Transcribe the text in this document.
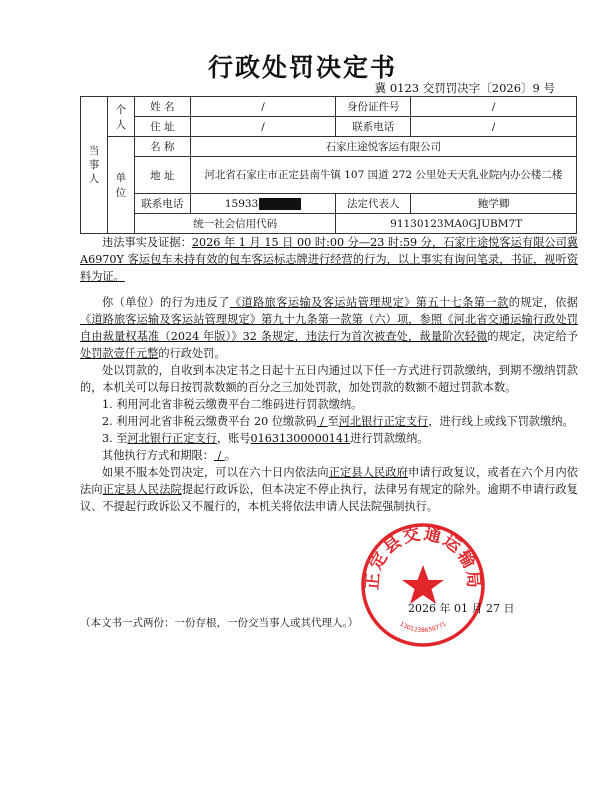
行政处罚决定书
冀 0123 交罚罚决字〔2026〕9 号
当事人	个人	姓 名	/	身份证件号	/
		住 址	/	联系电话	/
	单位	名 称	石家庄途悦客运有限公司		
		地 址	河北省石家庄市正定县南牛镇 107 国道 272 公里处天天乳业院内办公楼二楼		
		联系电话	15933	法定代表人	鲍学卿
		统一社会信用代码		91130123MA0GJUBM7T	

违法事实及证据：2026 年 1 月 15 日 00 时:00 分—23 时:59 分，石家庄途悦客运有限公司冀 A6970Y 客运包车未持有效的包车客运标志牌进行经营的行为，以上事实有询问笔录，书证，视听资料为证。

你（单位）的行为违反了《道路旅客运输及客运站管理规定》第五十七条第一款的规定，依据《道路旅客运输及客运站管理规定》第九十九条第一款第（六）项，参照《河北省交通运输行政处罚自由裁量权基准（2024 年版）》32 条规定，违法行为首次被查处，裁量阶次轻微的规定，决定给予处罚款壹仟元整的行政处罚。

处以罚款的，自收到本决定书之日起十五日内通过以下任一方式进行罚款缴纳，到期不缴纳罚款的，本机关可以每日按罚款数额的百分之三加处罚款，加处罚款的数额不超过罚款本数。

1. 利用河北省非税云缴费平台二维码进行罚款缴纳。

2. 利用河北省非税云缴费平台 20 位缴款码 / 至河北银行正定支行，进行线上或线下罚款缴纳。

3. 至河北银行正定支行，账号01631300000141进行罚款缴纳。

其他执行方式和期限： / 。

如果不服本处罚决定，可以在六十日内依法向正定县人民政府申请行政复议，或者在六个月内依法向正定县人民法院提起行政诉讼，但本决定不停止执行，法律另有规定的除外。逾期不申请行政复议、不提起行政诉讼又不履行的，本机关将依法申请人民法院强制执行。

正定县交通运输局
1301238658771
2026 年 01 月 27 日
（本文书一式两份：一份存根，一份交当事人或其代理人。）
